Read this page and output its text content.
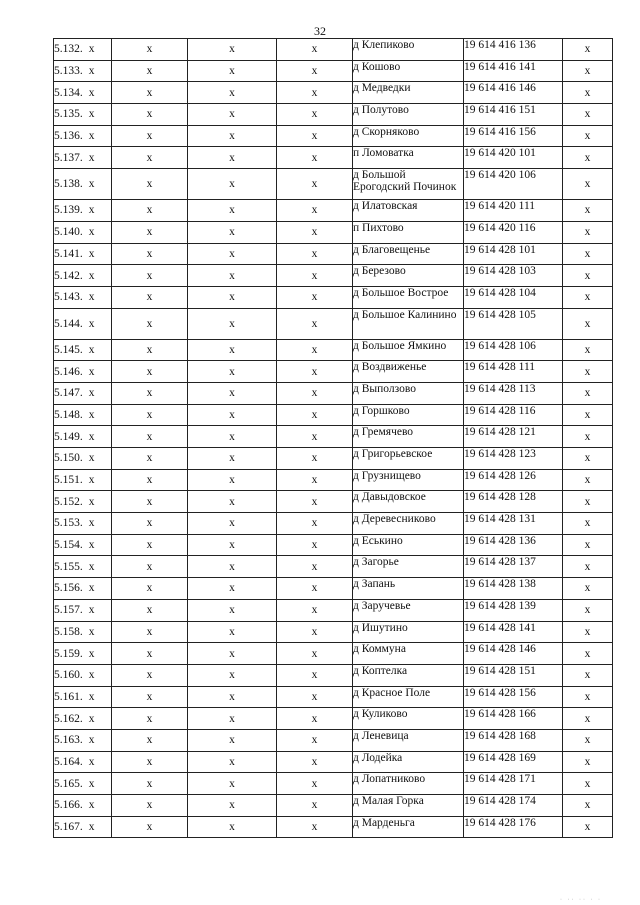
32
5.132. x	x	x	x	д Клепиково	19 614 416 136	x
5.133. x	x	x	x	д Кошово	19 614 416 141	x
5.134. x	x	x	x	д Медведки	19 614 416 146	x
5.135. x	x	x	x	д Полутово	19 614 416 151	x
5.136. x	x	x	x	д Скорняково	19 614 416 156	x
5.137. x	x	x	x	п Ломоватка	19 614 420 101	x
5.138. x	x	x	x	д Большой Ерогодский Починок	19 614 420 106	x
5.139. x	x	x	x	д Илатовская	19 614 420 111	x
5.140. x	x	x	x	п Пихтово	19 614 420 116	x
5.141. x	x	x	x	д Благовещенье	19 614 428 101	x
5.142. x	x	x	x	д Березово	19 614 428 103	x
5.143. x	x	x	x	д Большое Вострое	19 614 428 104	x
5.144. x	x	x	x	д Большое Калинино	19 614 428 105	x
5.145. x	x	x	x	д Большое Ямкино	19 614 428 106	x
5.146. x	x	x	x	д Воздвиженье	19 614 428 111	x
5.147. x	x	x	x	д Выползово	19 614 428 113	x
5.148. x	x	x	x	д Горшково	19 614 428 116	x
5.149. x	x	x	x	д Гремячево	19 614 428 121	x
5.150. x	x	x	x	д Григорьевское	19 614 428 123	x
5.151. x	x	x	x	д Грузнищево	19 614 428 126	x
5.152. x	x	x	x	д Давыдовское	19 614 428 128	x
5.153. x	x	x	x	д Деревесниково	19 614 428 131	x
5.154. x	x	x	x	д Еськино	19 614 428 136	x
5.155. x	x	x	x	д Загорье	19 614 428 137	x
5.156. x	x	x	x	д Запань	19 614 428 138	x
5.157. x	x	x	x	д Заручевье	19 614 428 139	x
5.158. x	x	x	x	д Ишутино	19 614 428 141	x
5.159. x	x	x	x	д Коммуна	19 614 428 146	x
5.160. x	x	x	x	д Коптелка	19 614 428 151	x
5.161. x	x	x	x	д Красное Поле	19 614 428 156	x
5.162. x	x	x	x	д Куликово	19 614 428 166	x
5.163. x	x	x	x	д Леневица	19 614 428 168	x
5.164. x	x	x	x	д Лодейка	19 614 428 169	x
5.165. x	x	x	x	д Лопатниково	19 614 428 171	x
5.166. x	x	x	x	д Малая Горка	19 614 428 174	x
5.167. x	x	x	x	д Марденьга	19 614 428 176	x
· ·· ·· · ·
